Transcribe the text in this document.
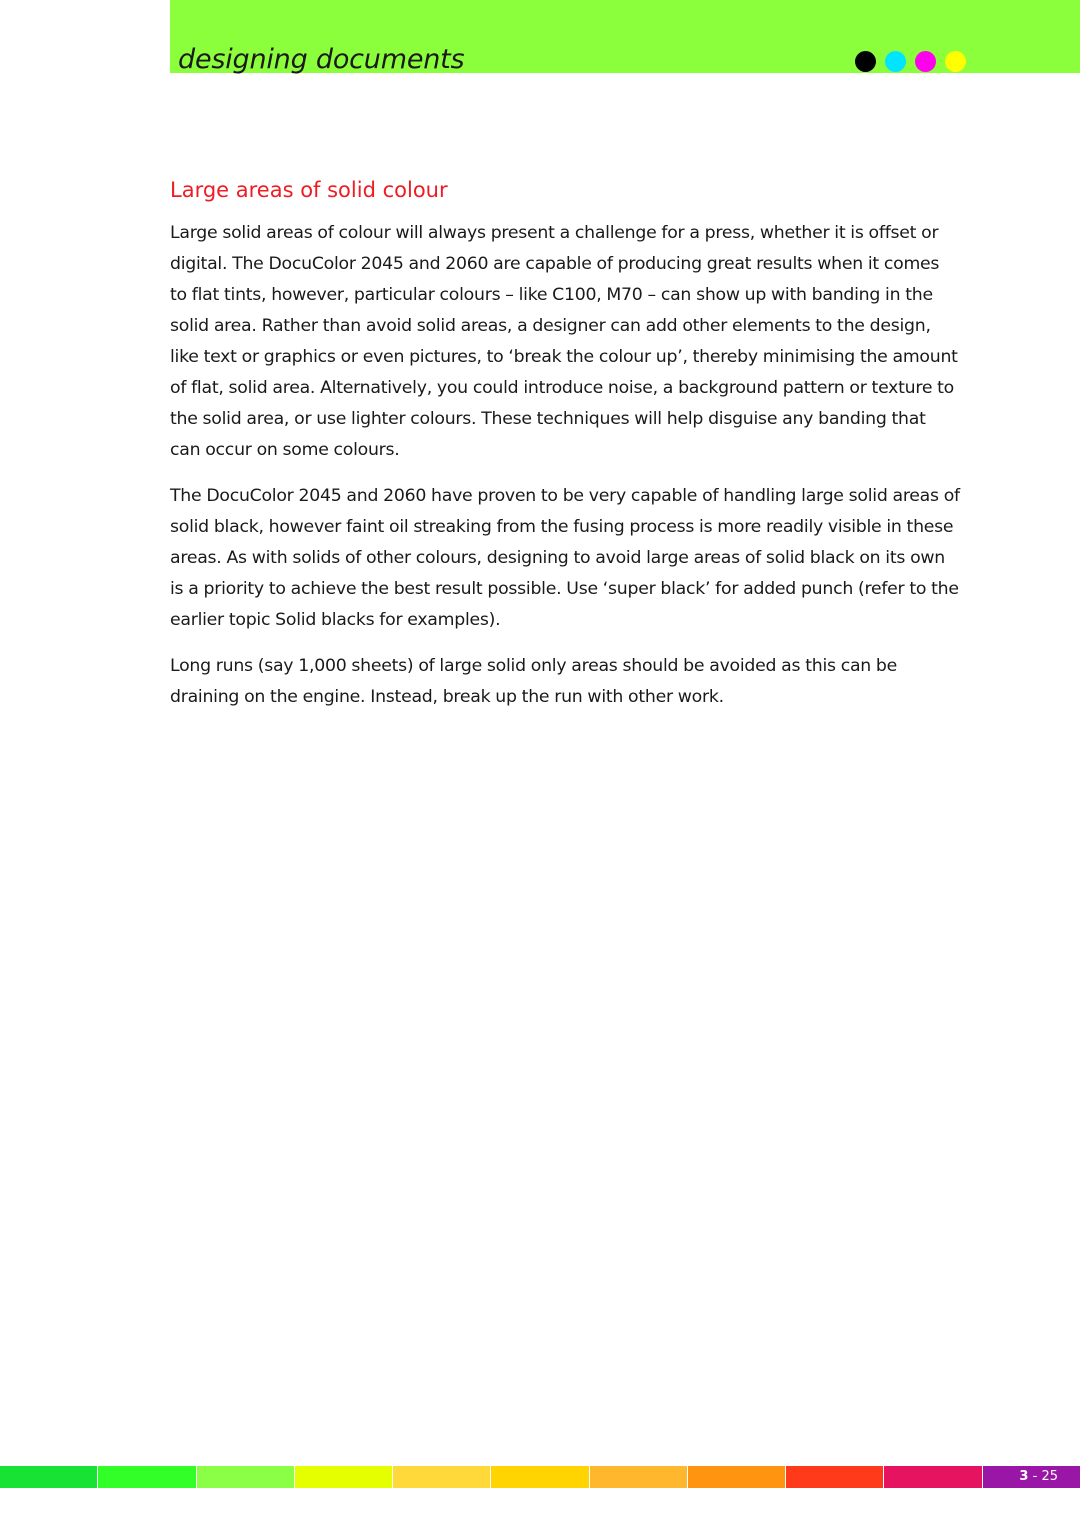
designing documents
Large areas of solid colour

Large solid areas of colour will always present a challenge for a press, whether it is offset or digital. The DocuColor 2045 and 2060 are capable of producing great results when it comes to flat tints, however, particular colours – like C100, M70 – can show up with banding in the solid area. Rather than avoid solid areas, a designer can add other elements to the design, like text or graphics or even pictures, to ‘break the colour up’, thereby minimising the amount of flat, solid area. Alternatively, you could introduce noise, a background pattern or texture to the solid area, or use lighter colours. These techniques will help disguise any banding that can occur on some colours.

The DocuColor 2045 and 2060 have proven to be very capable of handling large solid areas of solid black, however faint oil streaking from the fusing process is more readily visible in these areas. As with solids of other colours, designing to avoid large areas of solid black on its own is a priority to achieve the best result possible. Use ‘super black’ for added punch (refer to the earlier topic Solid blacks for examples).

Long runs (say 1,000 sheets) of large solid only areas should be avoided as this can be draining on the engine. Instead, break up the run with other work.

3 - 25
